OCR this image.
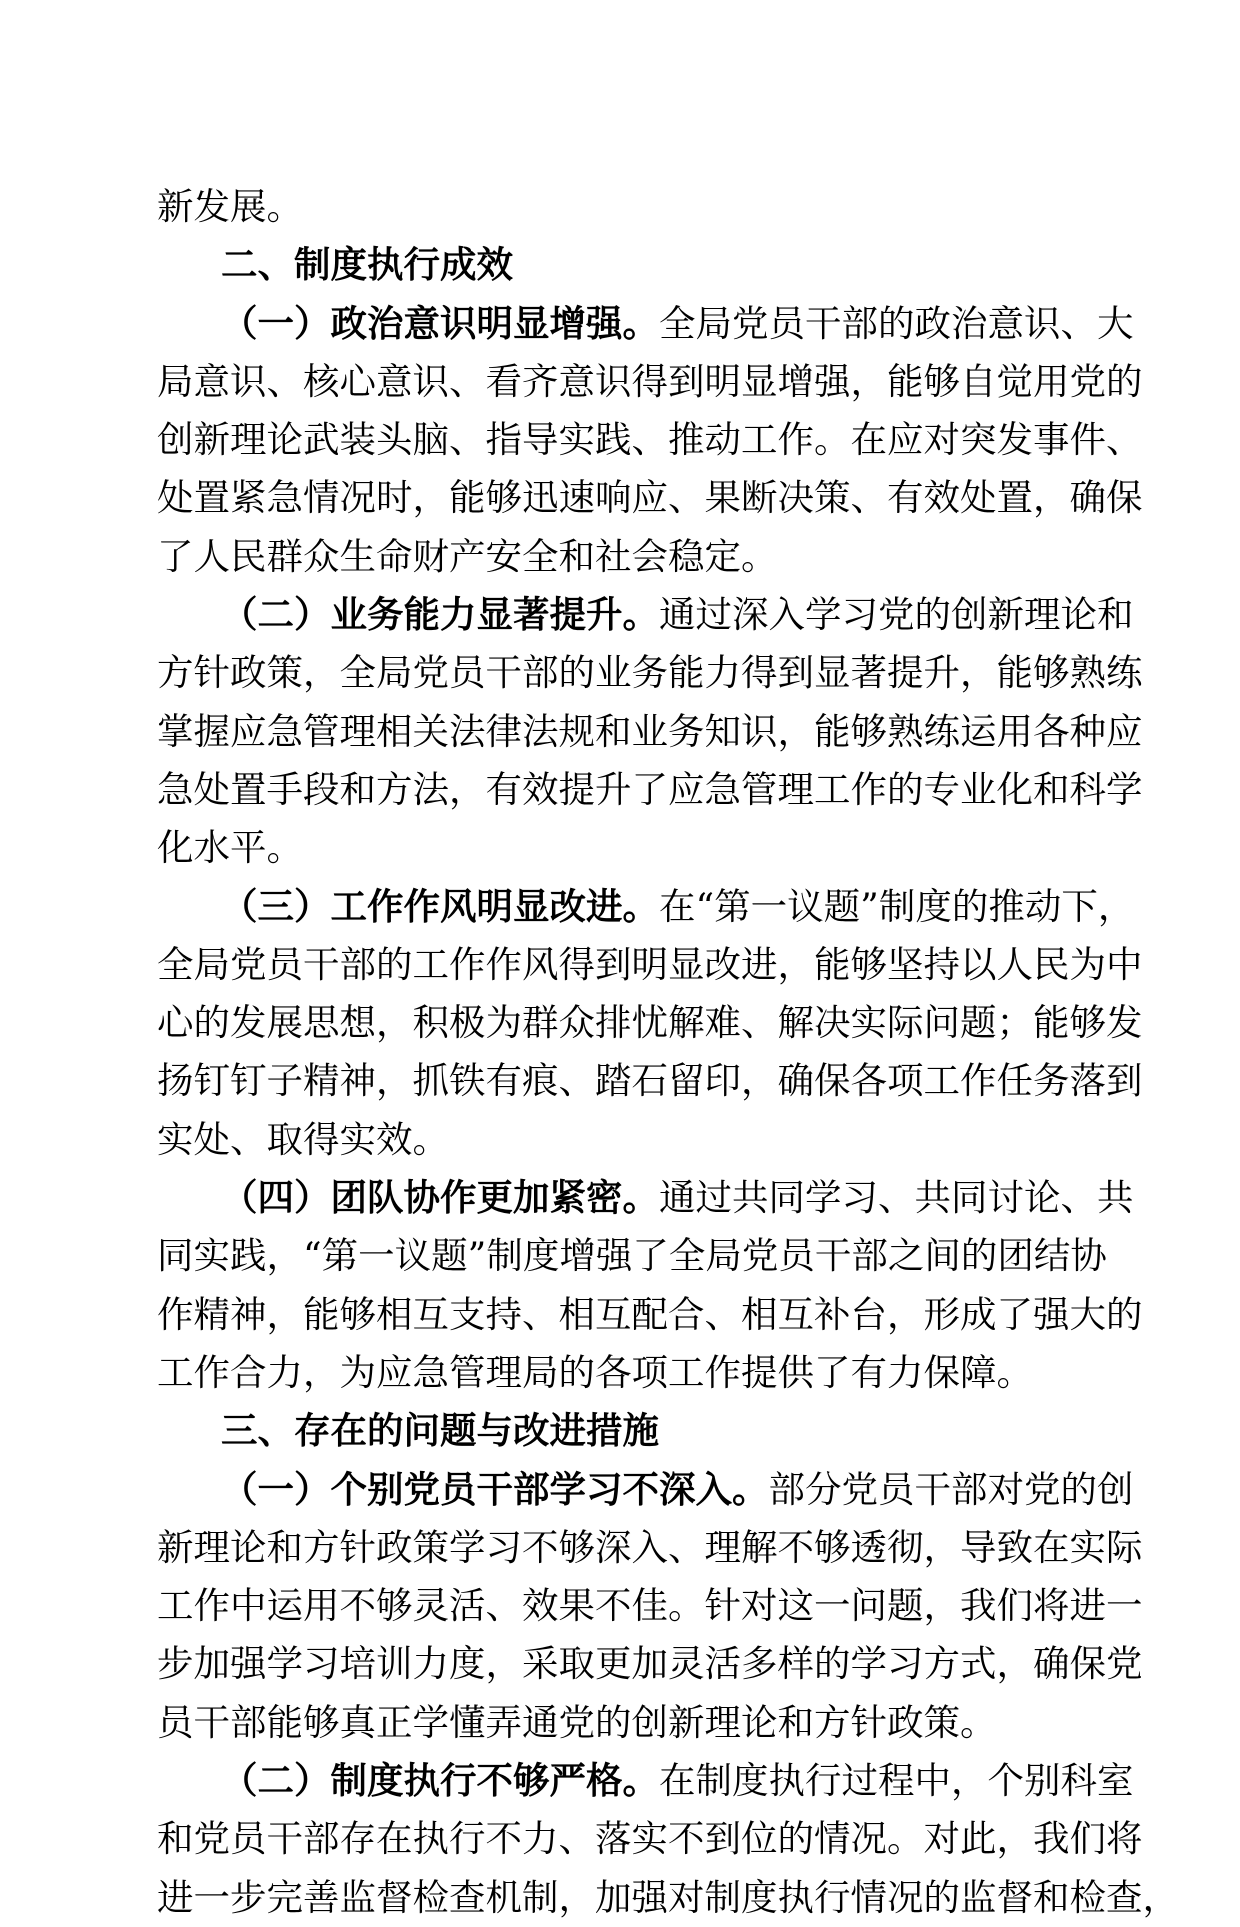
新发展。
二、制度执行成效
（一）政治意识明显增强。全局党员干部的政治意识、大
局意识、核心意识、看齐意识得到明显增强，能够自觉用党的
创新理论武装头脑、指导实践、推动工作。在应对突发事件、
处置紧急情况时，能够迅速响应、果断决策、有效处置，确保
了人民群众生命财产安全和社会稳定。
（二）业务能力显著提升。通过深入学习党的创新理论和
方针政策，全局党员干部的业务能力得到显著提升，能够熟练
掌握应急管理相关法律法规和业务知识，能够熟练运用各种应
急处置手段和方法，有效提升了应急管理工作的专业化和科学
化水平。
（三）工作作风明显改进。在“第一议题”制度的推动下，
全局党员干部的工作作风得到明显改进，能够坚持以人民为中
心的发展思想，积极为群众排忧解难、解决实际问题；能够发
扬钉钉子精神，抓铁有痕、踏石留印，确保各项工作任务落到
实处、取得实效。
（四）团队协作更加紧密。通过共同学习、共同讨论、共
同实践，“第一议题”制度增强了全局党员干部之间的团结协
作精神，能够相互支持、相互配合、相互补台，形成了强大的
工作合力，为应急管理局的各项工作提供了有力保障。
三、存在的问题与改进措施
（一）个别党员干部学习不深入。部分党员干部对党的创
新理论和方针政策学习不够深入、理解不够透彻，导致在实际
工作中运用不够灵活、效果不佳。针对这一问题，我们将进一
步加强学习培训力度，采取更加灵活多样的学习方式，确保党
员干部能够真正学懂弄通党的创新理论和方针政策。
（二）制度执行不够严格。在制度执行过程中，个别科室
和党员干部存在执行不力、落实不到位的情况。对此，我们将
进一步完善监督检查机制，加强对制度执行情况的监督和检查，
